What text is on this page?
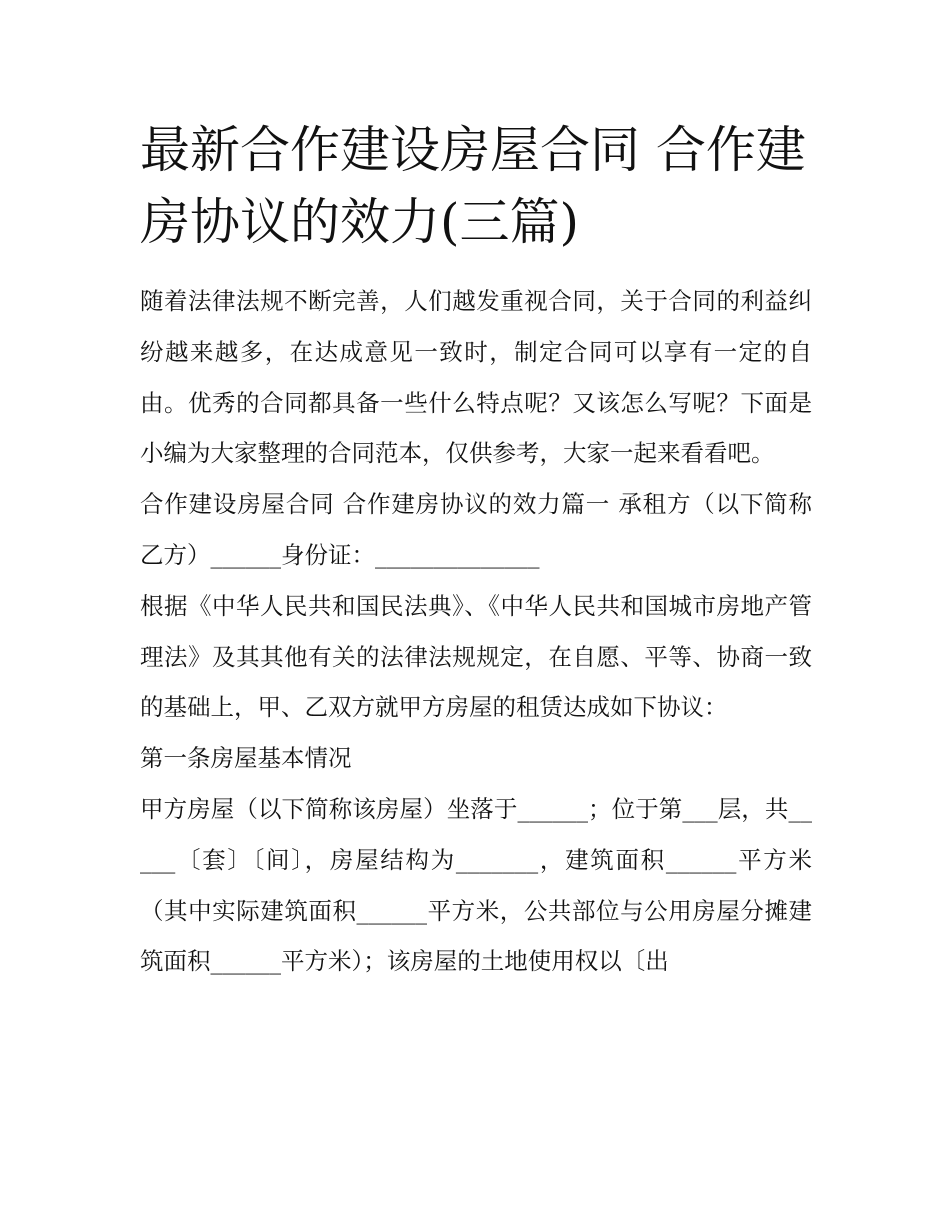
最新合作建设房屋合同 合作建房协议的效力(三篇)

随着法律法规不断完善，人们越发重视合同，关于合同的利益纠纷越来越多，在达成意见一致时，制定合同可以享有一定的自由。优秀的合同都具备一些什么特点呢？又该怎么写呢？下面是小编为大家整理的合同范本，仅供参考，大家一起来看看吧。

合作建设房屋合同 合作建房协议的效力篇一 承租方（以下简称乙方）______身份证：______________

根据《中华人民共和国民法典》、《中华人民共和国城市房地产管理法》及其其他有关的法律法规规定，在自愿、平等、协商一致的基础上，甲、乙双方就甲方房屋的租赁达成如下协议：

第一条房屋基本情况

甲方房屋（以下简称该房屋）坐落于______；位于第___层，共_____〔套〕〔间〕，房屋结构为_______，建筑面积______平方米（其中实际建筑面积______平方米，公共部位与公用房屋分摊建筑面积______平方米）；该房屋的土地使用权以〔出
